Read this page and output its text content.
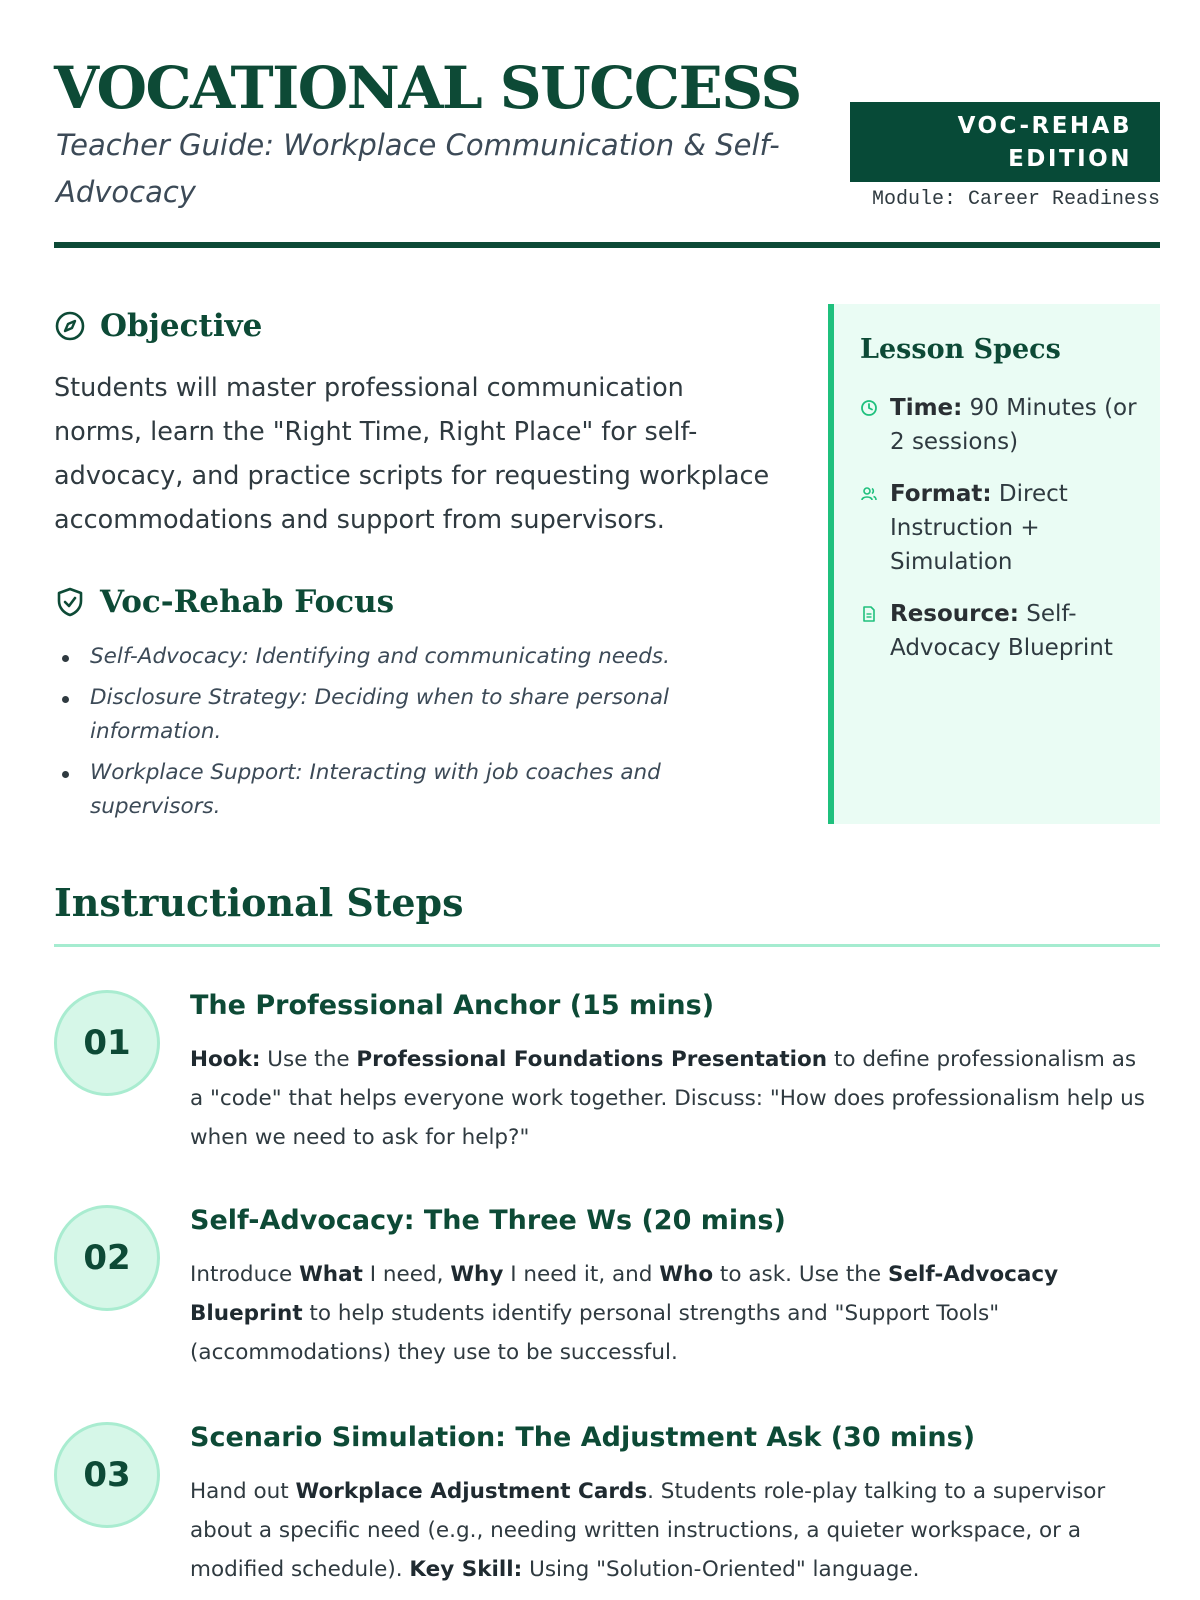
VOCATIONAL SUCCESS
Teacher Guide: Workplace Communication & Self-Advocacy
VOC-REHAB
EDITION
Module: Career Readiness
Objective
Students will master professional communication norms, learn the "Right Time, Right Place" for self-advocacy, and practice scripts for requesting workplace accommodations and support from supervisors.
Voc-Rehab Focus
Self-Advocacy: Identifying and communicating needs.
Disclosure Strategy: Deciding when to share personal information.
Workplace Support: Interacting with job coaches and supervisors.
Lesson Specs
Time: 90 Minutes (or 2 sessions)
Format: Direct Instruction + Simulation
Resource: Self-Advocacy Blueprint
Instructional Steps
01
The Professional Anchor (15 mins)
Hook: Use the Professional Foundations Presentation to define professionalism as a "code" that helps everyone work together. Discuss: "How does professionalism help us when we need to ask for help?"
02
Self-Advocacy: The Three Ws (20 mins)
Introduce What I need, Why I need it, and Who to ask. Use the Self-Advocacy Blueprint to help students identify personal strengths and "Support Tools" (accommodations) they use to be successful.
03
Scenario Simulation: The Adjustment Ask (30 mins)
Hand out Workplace Adjustment Cards. Students role-play talking to a supervisor about a specific need (e.g., needing written instructions, a quieter workspace, or a modified schedule). Key Skill: Using "Solution-Oriented" language.
